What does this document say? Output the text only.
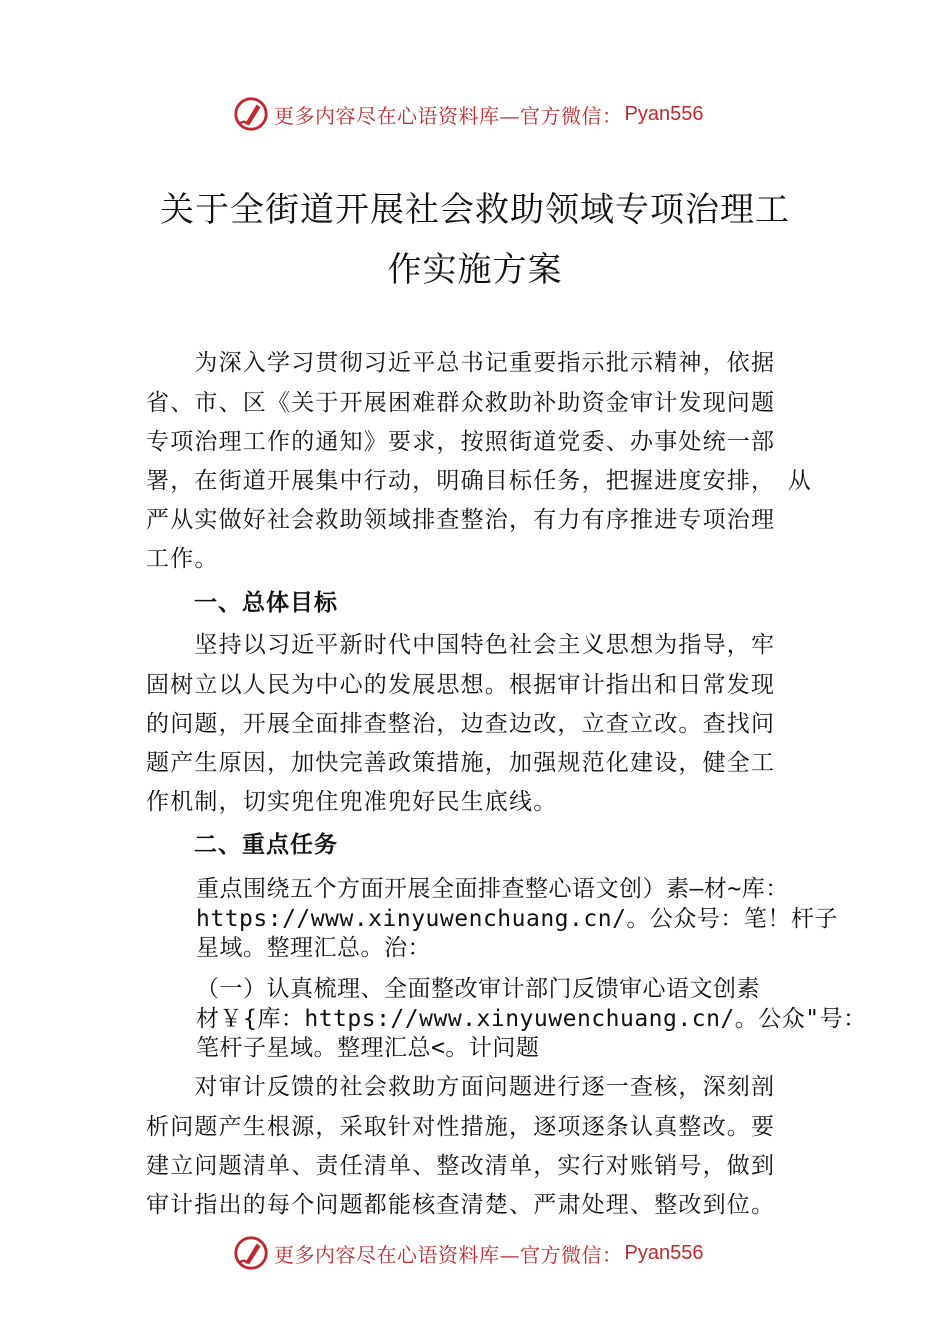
更多内容尽在心语资料库— 官方微信： Pyan556
关于全街道开展社会救助领域专项治理工
作实施方案
　　为深入学习贯彻习近平总书记重要指示批示精神，依据
省、市、区《关于开展困难群众救助补助资金审计发现问题
专项治理工作的通知》要求，按照街道党委、办事处统一部
署，在街道开展集中行动，明确目标任务，把握进度安排，　从
严从实做好社会救助领域排查整治，有力有序推进专项治理
工作。
一、总体目标
　　坚持以习近平新时代中国特色社会主义思想为指导，牢
固树立以人民为中心的发展思想。根据审计指出和日常发现
的问题，开展全面排查整治，边查边改，立查立改。查找问
题产生原因，加快完善政策措施，加强规范化建设，健全工
作机制，切实兜住兜准兜好民生底线。
二、重点任务
重点围绕五个方面开展全面排查整心语文创）素—材~库：
https://www.xinyuwenchuang.cn/。公众号：笔！杆子
星域。整理汇总。治：
（一）认真梳理、全面整改审计部门反馈审心语文创素
材￥{库：https://www.xinyuwenchuang.cn/。公众"号：
笔杆子星域。整理汇总<。计问题
　　对审计反馈的社会救助方面问题进行逐一查核，深刻剖
析问题产生根源，采取针对性措施，逐项逐条认真整改。要
建立问题清单、责任清单、整改清单，实行对账销号，做到
审计指出的每个问题都能核查清楚、严肃处理、整改到位。
更多内容尽在心语资料库— 官方微信： Pyan556
